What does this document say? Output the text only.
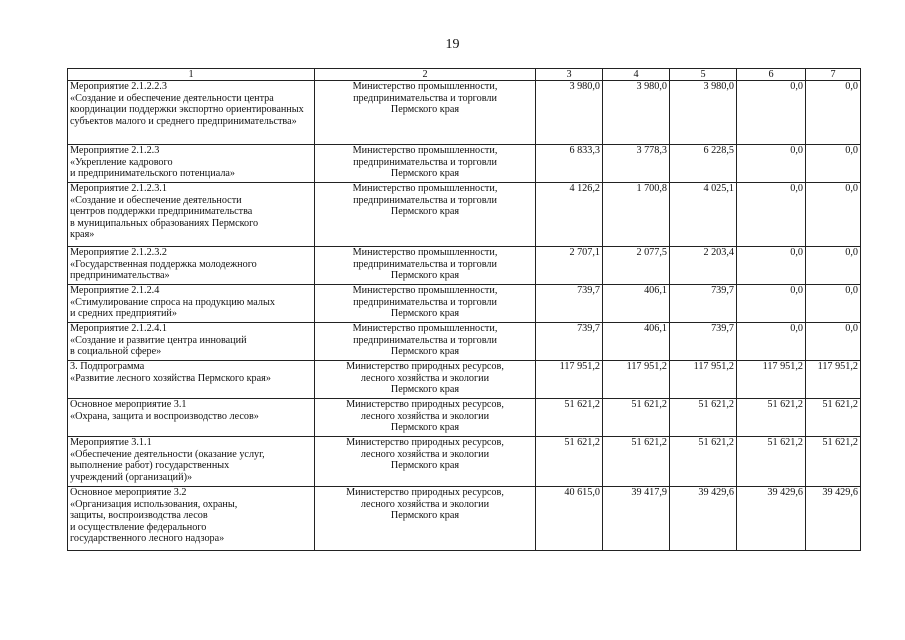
19
1	2	3	4	5	6	7
Мероприятие 2.1.2.2.3
«Создание и обеспечение деятельности центра координации поддержки экспортно ориентированных субъектов малого и среднего предпринимательства»	Министерство промышленности,
предпринимательства и торговли
Пермского края	3 980,0	3 980,0	3 980,0	0,0	0,0
Мероприятие 2.1.2.3
«Укрепление кадрового
и предпринимательского потенциала»	Министерство промышленности,
предпринимательства и торговли
Пермского края	6 833,3	3 778,3	6 228,5	0,0	0,0
Мероприятие 2.1.2.3.1
«Создание и обеспечение деятельности
центров поддержки предпринимательства
в муниципальных образованиях Пермского
края»	Министерство промышленности,
предпринимательства и торговли
Пермского края	4 126,2	1 700,8	4 025,1	0,0	0,0
Мероприятие 2.1.2.3.2
«Государственная поддержка молодежного
предпринимательства»	Министерство промышленности,
предпринимательства и торговли
Пермского края	2 707,1	2 077,5	2 203,4	0,0	0,0
Мероприятие 2.1.2.4
«Стимулирование спроса на продукцию малых
и средних предприятий»	Министерство промышленности,
предпринимательства и торговли
Пермского края	739,7	406,1	739,7	0,0	0,0
Мероприятие 2.1.2.4.1
«Создание и развитие центра инноваций
в социальной сфере»	Министерство промышленности,
предпринимательства и торговли
Пермского края	739,7	406,1	739,7	0,0	0,0
3. Подпрограмма
«Развитие лесного хозяйства Пермского края»	Министерство природных ресурсов,
лесного хозяйства и экологии
Пермского края	117 951,2	117 951,2	117 951,2	117 951,2	117 951,2
Основное мероприятие 3.1
«Охрана, защита и воспроизводство лесов»	Министерство природных ресурсов,
лесного хозяйства и экологии
Пермского края	51 621,2	51 621,2	51 621,2	51 621,2	51 621,2
Мероприятие 3.1.1
«Обеспечение деятельности (оказание услуг,
выполнение работ) государственных
учреждений (организаций)»	Министерство природных ресурсов,
лесного хозяйства и экологии
Пермского края	51 621,2	51 621,2	51 621,2	51 621,2	51 621,2
Основное мероприятие 3.2
«Организация использования, охраны,
защиты, воспроизводства лесов
и осуществление федерального
государственного лесного надзора»	Министерство природных ресурсов,
лесного хозяйства и экологии
Пермского края	40 615,0	39 417,9	39 429,6	39 429,6	39 429,6
